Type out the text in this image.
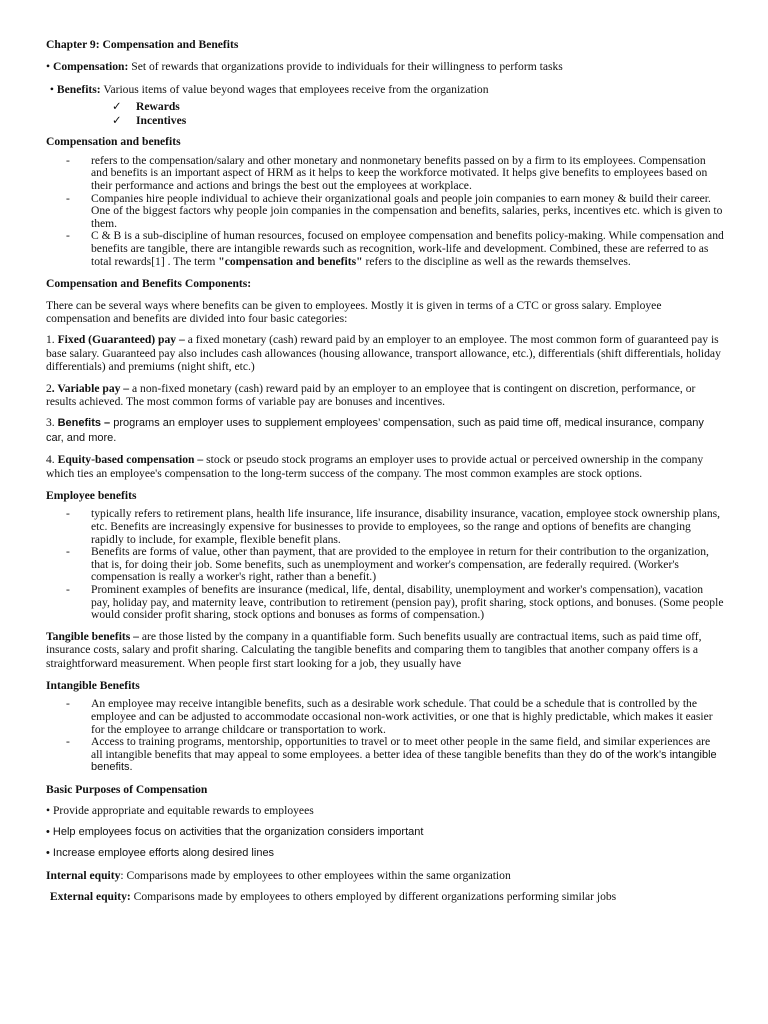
Chapter 9: Compensation and Benefits

• Compensation: Set of rewards that organizations provide to individuals for their willingness to perform tasks

• Benefits: Various items of value beyond wages that employees receive from the organization

✓ Rewards
✓ Incentives

Compensation and benefits

- refers to the compensation/salary and other monetary and nonmonetary benefits passed on by a firm to its employees. Compensation and benefits is an important aspect of HRM as it helps to keep the workforce motivated. It helps give benefits to employees based on their performance and actions and brings the best out the employees at workplace.
- Companies hire people individual to achieve their organizational goals and people join companies to earn money & build their career. One of the biggest factors why people join companies in the compensation and benefits, salaries, perks, incentives etc. which is given to them.
- C & B is a sub-discipline of human resources, focused on employee compensation and benefits policy-making. While compensation and benefits are tangible, there are intangible rewards such as recognition, work-life and development. Combined, these are referred to as total rewards[1] . The term "compensation and benefits" refers to the discipline as well as the rewards themselves.

Compensation and Benefits Components:

There can be several ways where benefits can be given to employees. Mostly it is given in terms of a CTC or gross salary. Employee compensation and benefits are divided into four basic categories:

1. Fixed (Guaranteed) pay – a fixed monetary (cash) reward paid by an employer to an employee. The most common form of guaranteed pay is base salary. Guaranteed pay also includes cash allowances (housing allowance, transport allowance, etc.), differentials (shift differentials, holiday differentials) and premiums (night shift, etc.)

2. Variable pay – a non-fixed monetary (cash) reward paid by an employer to an employee that is contingent on discretion, performance, or results achieved. The most common forms of variable pay are bonuses and incentives.

3. Benefits – programs an employer uses to supplement employees’ compensation, such as paid time off, medical insurance, company car, and more.

4. Equity-based compensation – stock or pseudo stock programs an employer uses to provide actual or perceived ownership in the company which ties an employee's compensation to the long-term success of the company. The most common examples are stock options.

Employee benefits

- typically refers to retirement plans, health life insurance, life insurance, disability insurance, vacation, employee stock ownership plans, etc. Benefits are increasingly expensive for businesses to provide to employees, so the range and options of benefits are changing rapidly to include, for example, flexible benefit plans.
- Benefits are forms of value, other than payment, that are provided to the employee in return for their contribution to the organization, that is, for doing their job. Some benefits, such as unemployment and worker's compensation, are federally required. (Worker's compensation is really a worker's right, rather than a benefit.)
- Prominent examples of benefits are insurance (medical, life, dental, disability, unemployment and worker's compensation), vacation pay, holiday pay, and maternity leave, contribution to retirement (pension pay), profit sharing, stock options, and bonuses. (Some people would consider profit sharing, stock options and bonuses as forms of compensation.)

Tangible benefits – are those listed by the company in a quantifiable form. Such benefits usually are contractual items, such as paid time off, insurance costs, salary and profit sharing. Calculating the tangible benefits and comparing them to tangibles that another company offers is a straightforward measurement. When people first start looking for a job, they usually have

Intangible Benefits

- An employee may receive intangible benefits, such as a desirable work schedule. That could be a schedule that is controlled by the employee and can be adjusted to accommodate occasional non-work activities, or one that is highly predictable, which makes it easier for the employee to arrange childcare or transportation to work.
- Access to training programs, mentorship, opportunities to travel or to meet other people in the same field, and similar experiences are all intangible benefits that may appeal to some employees. a better idea of these tangible benefits than they do of the work’s intangible benefits.

Basic Purposes of Compensation

• Provide appropriate and equitable rewards to employees

• Help employees focus on activities that the organization considers important

• Increase employee efforts along desired lines

Internal equity: Comparisons made by employees to other employees within the same organization

External equity: Comparisons made by employees to others employed by different organizations performing similar jobs
